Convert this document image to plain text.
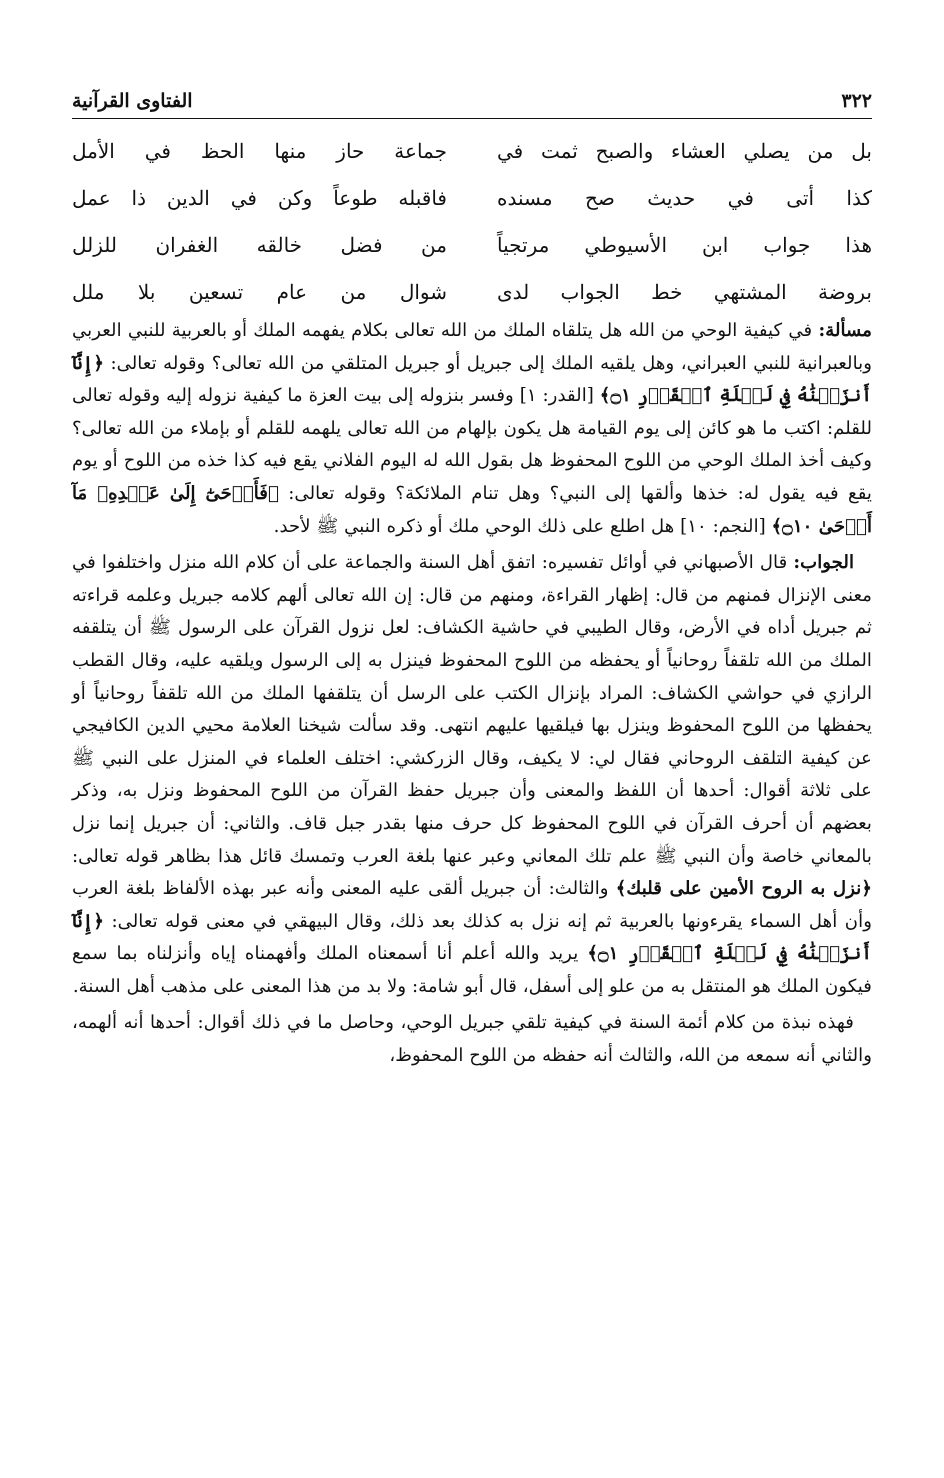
٣٢٢
الفتاوى القرآنية
بل من يصلي العشاء والصبح ثمت في
جماعة حاز منها الحظ في الأمل
كذا أتى في حديث صح مسنده
فاقبله طوعاً وكن في الدين ذا عمل
هذا جواب ابن الأسيوطي مرتجياً
من فضل خالقه الغفران للزلل
بروضة المشتهي خط الجواب لدى
شوال من عام تسعين بلا ملل

مسألة: في كيفية الوحي من الله هل يتلقاه الملك من الله تعالى بكلام يفهمه الملك أو بالعربية للنبي العربي وبالعبرانية للنبي العبراني، وهل يلقيه الملك إلى جبريل أو جبريل المتلقي من الله تعالى؟ وقوله تعالى: ﴿إِنَّآ أَنزَلۡنَٰهُ فِي لَيۡلَةِ ٱلۡقَدۡرِ ۝١﴾ [القدر: ١] وفسر بنزوله إلى بيت العزة ما كيفية نزوله إليه وقوله تعالى للقلم: اكتب ما هو كائن إلى يوم القيامة هل يكون بإلهام من الله تعالى يلهمه للقلم أو بإملاء من الله تعالى؟ وكيف أخذ الملك الوحي من اللوح المحفوظ هل بقول الله له اليوم الفلاني يقع فيه كذا خذه من اللوح أو يوم يقع فيه يقول له: خذها وألقها إلى النبي؟ وهل تنام الملائكة؟ وقوله تعالى: ﴿فَأَوۡحَىٰٓ إِلَىٰ عَبۡدِهِۦ مَآ أَوۡحَىٰ ۝١٠﴾ [النجم: ١٠] هل اطلع على ذلك الوحي ملك أو ذكره النبي ﷺ لأحد.

الجواب: قال الأصبهاني في أوائل تفسيره: اتفق أهل السنة والجماعة على أن كلام الله منزل واختلفوا في معنى الإنزال فمنهم من قال: إظهار القراءة، ومنهم من قال: إن الله تعالى ألهم كلامه جبريل وعلمه قراءته ثم جبريل أداه في الأرض، وقال الطيبي في حاشية الكشاف: لعل نزول القرآن على الرسول ﷺ أن يتلقفه الملك من الله تلقفاً روحانياً أو يحفظه من اللوح المحفوظ فينزل به إلى الرسول ويلقيه عليه، وقال القطب الرازي في حواشي الكشاف: المراد بإنزال الكتب على الرسل أن يتلقفها الملك من الله تلقفاً روحانياً أو يحفظها من اللوح المحفوظ وينزل بها فيلقيها عليهم انتهى. وقد سألت شيخنا العلامة محيي الدين الكافيجي عن كيفية التلقف الروحاني فقال لي: لا يكيف، وقال الزركشي: اختلف العلماء في المنزل على النبي ﷺ على ثلاثة أقوال: أحدها أن اللفظ والمعنى وأن جبريل حفظ القرآن من اللوح المحفوظ ونزل به، وذكر بعضهم أن أحرف القرآن في اللوح المحفوظ كل حرف منها بقدر جبل قاف. والثاني: أن جبريل إنما نزل بالمعاني خاصة وأن النبي ﷺ علم تلك المعاني وعبر عنها بلغة العرب وتمسك قائل هذا بظاهر قوله تعالى: ﴿نزل به الروح الأمين على قلبك﴾ والثالث: أن جبريل ألقى عليه المعنى وأنه عبر بهذه الألفاظ بلغة العرب وأن أهل السماء يقرءونها بالعربية ثم إنه نزل به كذلك بعد ذلك، وقال البيهقي في معنى قوله تعالى: ﴿إِنَّآ أَنزَلۡنَٰهُ فِي لَيۡلَةِ ٱلۡقَدۡرِ ۝١﴾ يريد والله أعلم أنا أسمعناه الملك وأفهمناه إياه وأنزلناه بما سمع فيكون الملك هو المنتقل به من علو إلى أسفل، قال أبو شامة: ولا بد من هذا المعنى على مذهب أهل السنة.

فهذه نبذة من كلام أئمة السنة في كيفية تلقي جبريل الوحي، وحاصل ما في ذلك أقوال: أحدها أنه ألهمه، والثاني أنه سمعه من الله، والثالث أنه حفظه من اللوح المحفوظ،
